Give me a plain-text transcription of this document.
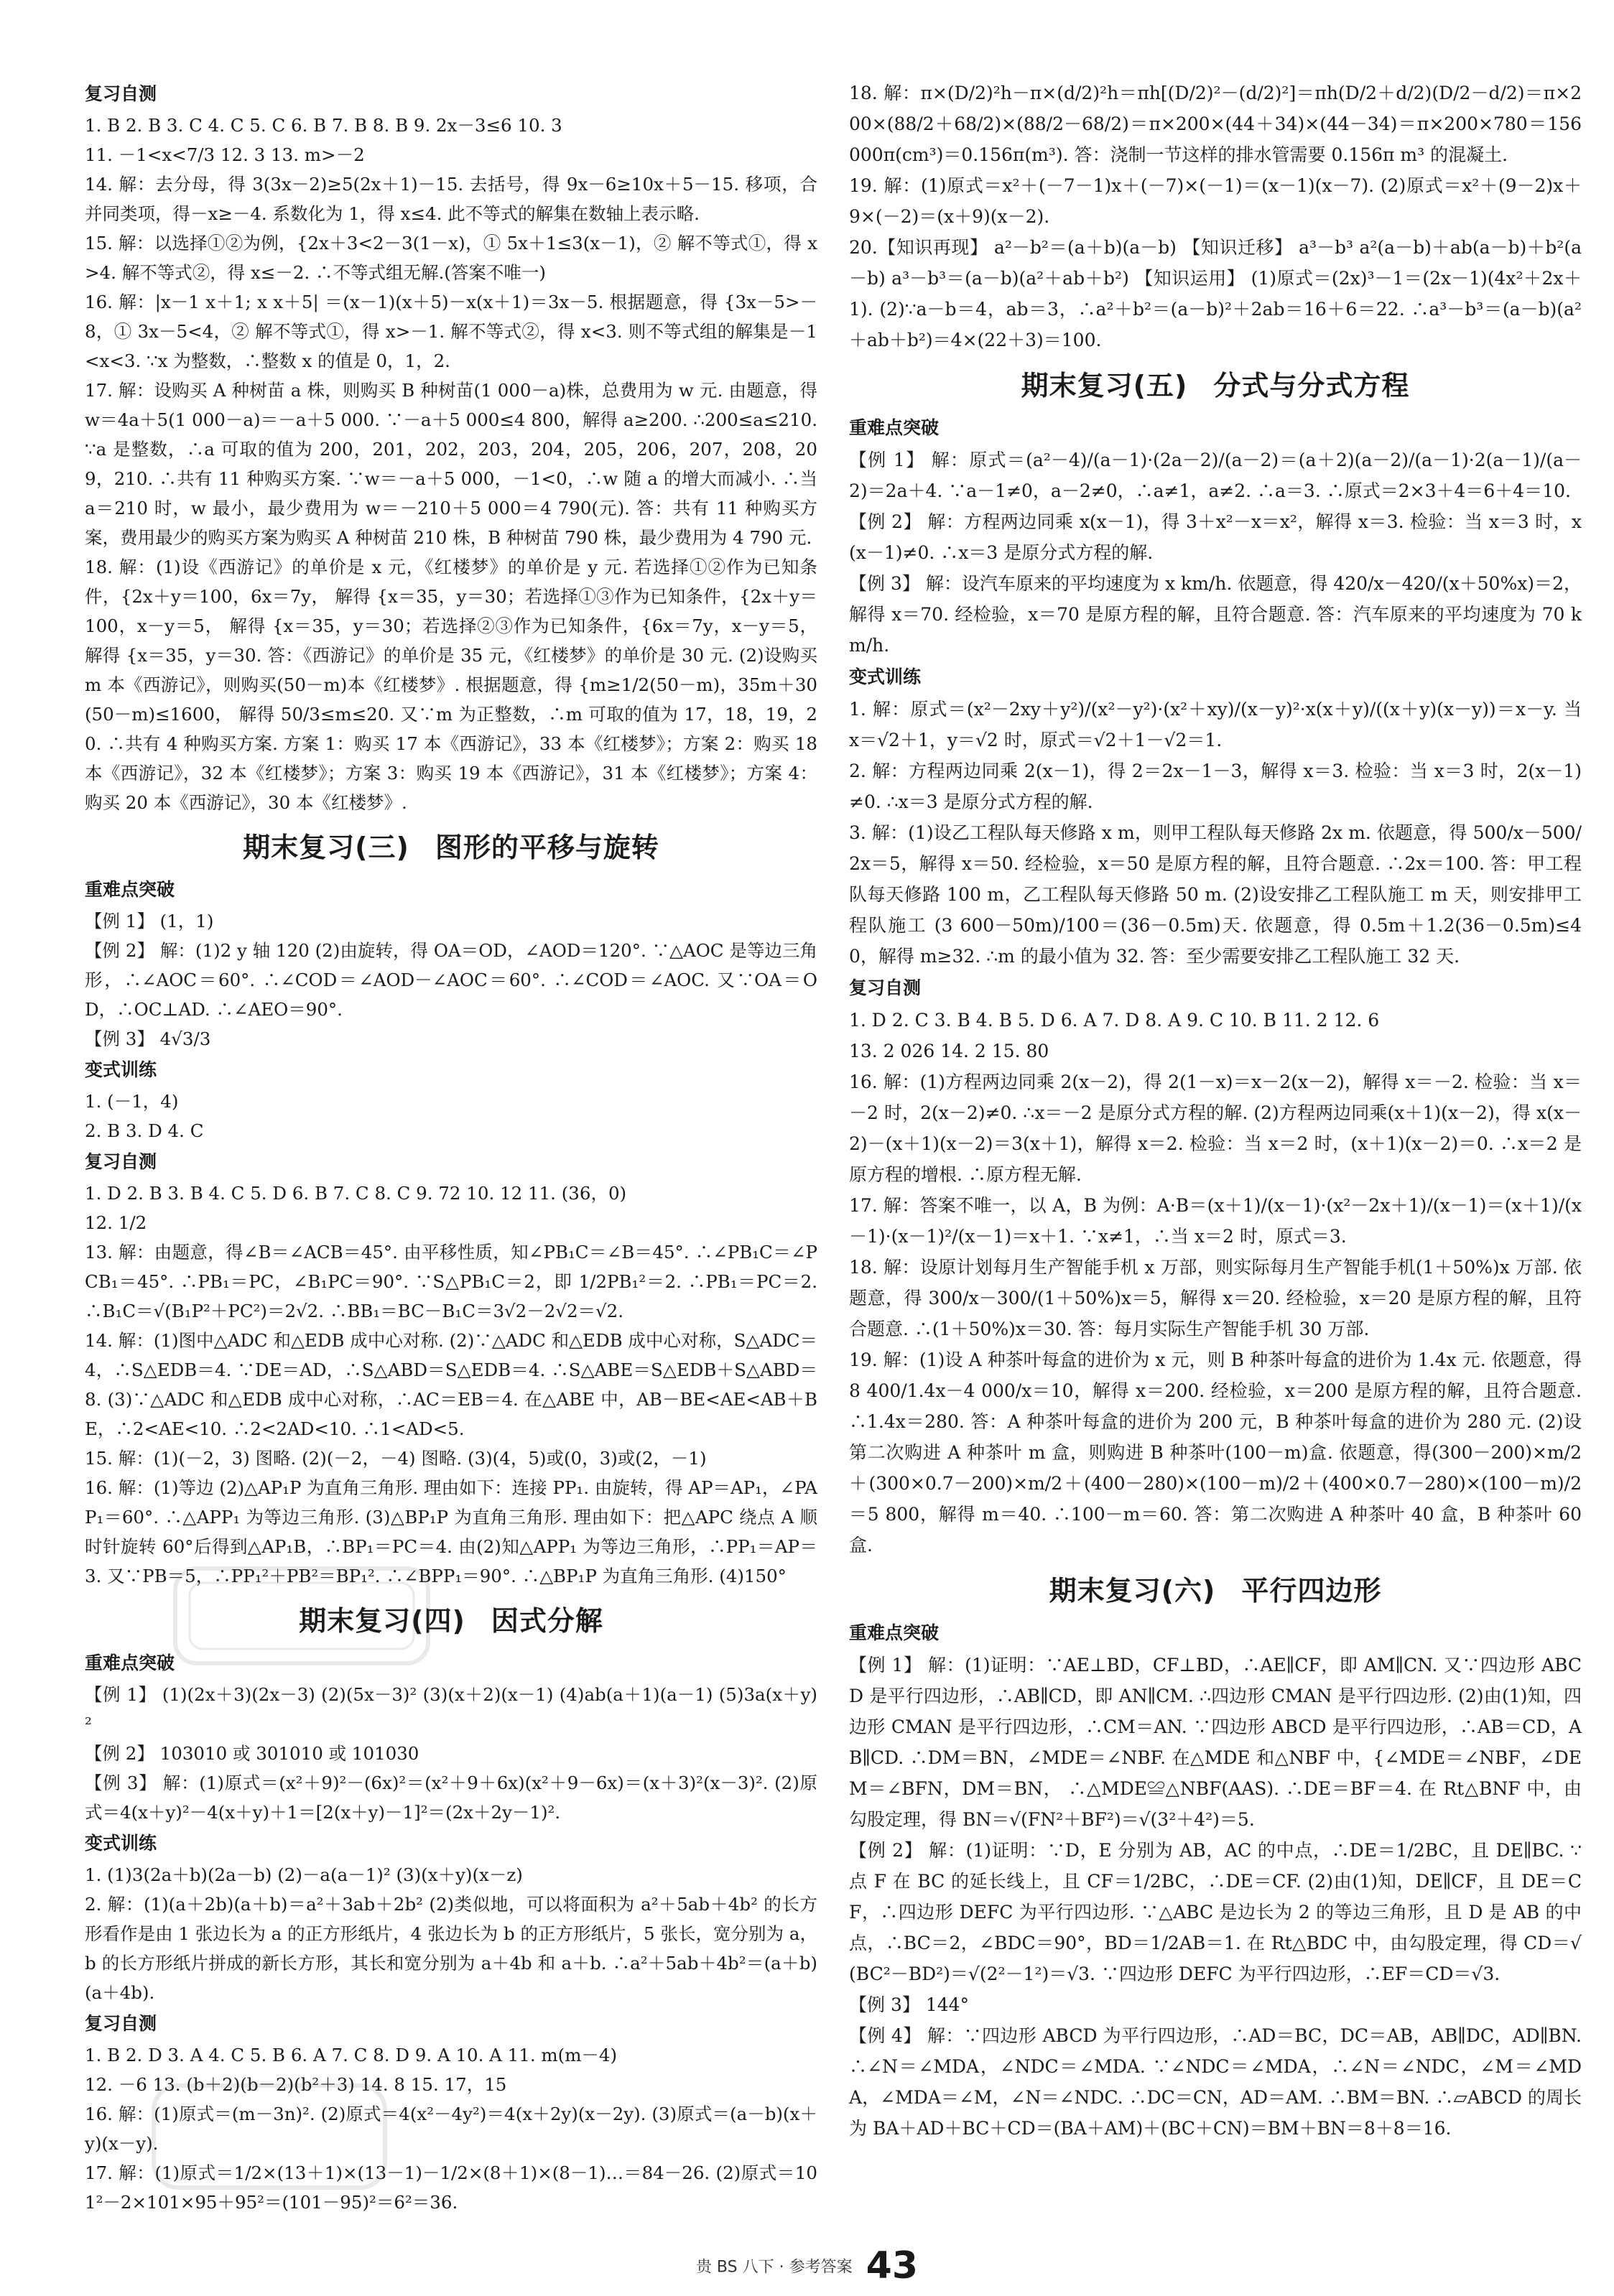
复习自测

1. B 2. B 3. C 4. C 5. C 6. B 7. B 8. B 9. 2x－3≤6 10. 3

11. －1<x<7/3 12. 3 13. m>－2

14. 解：去分母，得 3(3x－2)≥5(2x＋1)－15. 去括号，得 9x－6≥10x＋5－15. 移项，合并同类项，得－x≥－4. 系数化为 1，得 x≤4. 此不等式的解集在数轴上表示略.

15. 解：以选择①②为例，{2x＋3<2－3(1－x)，① 5x＋1≤3(x－1)，② 解不等式①，得 x>4. 解不等式②，得 x≤－2. ∴不等式组无解.(答案不唯一)

16. 解：|x－1 x＋1; x x＋5| ＝(x－1)(x＋5)－x(x＋1)＝3x－5. 根据题意，得 {3x－5>－8，① 3x－5<4，② 解不等式①，得 x>－1. 解不等式②，得 x<3. 则不等式组的解集是－1<x<3. ∵x 为整数，∴整数 x 的值是 0，1，2.

17. 解：设购买 A 种树苗 a 株，则购买 B 种树苗(1 000－a)株，总费用为 w 元. 由题意，得 w＝4a＋5(1 000－a)＝－a＋5 000. ∵－a＋5 000≤4 800，解得 a≥200. ∴200≤a≤210. ∵a 是整数，∴a 可取的值为 200，201，202，203，204，205，206，207，208，209，210. ∴共有 11 种购买方案. ∵w＝－a＋5 000，－1<0，∴w 随 a 的增大而减小. ∴当 a＝210 时，w 最小，最少费用为 w＝－210＋5 000＝4 790(元). 答：共有 11 种购买方案，费用最少的购买方案为购买 A 种树苗 210 株，B 种树苗 790 株，最少费用为 4 790 元.

18. 解：(1)设《西游记》的单价是 x 元，《红楼梦》的单价是 y 元. 若选择①②作为已知条件，{2x＋y＝100，6x＝7y， 解得 {x＝35，y＝30；若选择①③作为已知条件，{2x＋y＝100，x－y＝5， 解得 {x＝35，y＝30；若选择②③作为已知条件，{6x＝7y，x－y＝5， 解得 {x＝35，y＝30. 答：《西游记》的单价是 35 元，《红楼梦》的单价是 30 元. (2)设购买 m 本《西游记》，则购买(50－m)本《红楼梦》. 根据题意，得 {m≥1/2(50－m)，35m＋30(50－m)≤1600， 解得 50/3≤m≤20. 又∵m 为正整数，∴m 可取的值为 17，18，19，20. ∴共有 4 种购买方案. 方案 1：购买 17 本《西游记》，33 本《红楼梦》；方案 2：购买 18 本《西游记》，32 本《红楼梦》；方案 3：购买 19 本《西游记》，31 本《红楼梦》；方案 4：购买 20 本《西游记》，30 本《红楼梦》.

期末复习(三) 图形的平移与旋转
重难点突破

【例 1】 (1，1)

【例 2】 解：(1)2 y 轴 120 (2)由旋转，得 OA＝OD，∠AOD＝120°. ∵△AOC 是等边三角形，∴∠AOC＝60°. ∴∠COD＝∠AOD－∠AOC＝60°. ∴∠COD＝∠AOC. 又∵OA＝OD，∴OC⊥AD. ∴∠AEO＝90°.

【例 3】 4√3/3

变式训练

1. (－1，4)

2. B 3. D 4. C

复习自测

1. D 2. B 3. B 4. C 5. D 6. B 7. C 8. C 9. 72 10. 12 11. (36，0)

12. 1/2

13. 解：由题意，得∠B＝∠ACB＝45°. 由平移性质，知∠PB₁C＝∠B＝45°. ∴∠PB₁C＝∠PCB₁＝45°. ∴PB₁＝PC，∠B₁PC＝90°. ∵S△PB₁C＝2，即 1/2PB₁²＝2. ∴PB₁＝PC＝2. ∴B₁C＝√(B₁P²＋PC²)＝2√2. ∴BB₁＝BC－B₁C＝3√2－2√2＝√2.

14. 解：(1)图中△ADC 和△EDB 成中心对称. (2)∵△ADC 和△EDB 成中心对称，S△ADC＝4，∴S△EDB＝4. ∵DE＝AD，∴S△ABD＝S△EDB＝4. ∴S△ABE＝S△EDB＋S△ABD＝8. (3)∵△ADC 和△EDB 成中心对称，∴AC＝EB＝4. 在△ABE 中，AB－BE<AE<AB＋BE，∴2<AE<10. ∴2<2AD<10. ∴1<AD<5.

15. 解：(1)(－2，3) 图略. (2)(－2，－4) 图略. (3)(4，5)或(0，3)或(2，－1)

16. 解：(1)等边 (2)△AP₁P 为直角三角形. 理由如下：连接 PP₁. 由旋转，得 AP＝AP₁，∠PAP₁＝60°. ∴△APP₁ 为等边三角形. (3)△BP₁P 为直角三角形. 理由如下：把△APC 绕点 A 顺时针旋转 60°后得到△AP₁B，∴BP₁＝PC＝4. 由(2)知△APP₁ 为等边三角形，∴PP₁＝AP＝3. 又∵PB＝5，∴PP₁²＋PB²＝BP₁². ∴∠BPP₁＝90°. ∴△BP₁P 为直角三角形. (4)150°

期末复习(四) 因式分解
重难点突破

【例 1】 (1)(2x＋3)(2x－3) (2)(5x－3)² (3)(x＋2)(x－1) (4)ab(a＋1)(a－1) (5)3a(x＋y)²

【例 2】 103010 或 301010 或 101030

【例 3】 解：(1)原式＝(x²＋9)²－(6x)²＝(x²＋9＋6x)(x²＋9－6x)＝(x＋3)²(x－3)². (2)原式＝4(x＋y)²－4(x＋y)＋1＝[2(x＋y)－1]²＝(2x＋2y－1)².

变式训练

1. (1)3(2a＋b)(2a－b) (2)－a(a－1)² (3)(x＋y)(x－z)

2. 解：(1)(a＋2b)(a＋b)＝a²＋3ab＋2b² (2)类似地，可以将面积为 a²＋5ab＋4b² 的长方形看作是由 1 张边长为 a 的正方形纸片，4 张边长为 b 的正方形纸片，5 张长，宽分别为 a，b 的长方形纸片拼成的新长方形，其长和宽分别为 a＋4b 和 a＋b. ∴a²＋5ab＋4b²＝(a＋b)(a＋4b).

复习自测

1. B 2. D 3. A 4. C 5. B 6. A 7. C 8. D 9. A 10. A 11. m(m－4)

12. －6 13. (b＋2)(b－2)(b²＋3) 14. 8 15. 17，15

16. 解：(1)原式＝(m－3n)². (2)原式＝4(x²－4y²)＝4(x＋2y)(x－2y). (3)原式＝(a－b)(x＋y)(x－y).

17. 解：(1)原式＝1/2×(13＋1)×(13－1)－1/2×(8＋1)×(8－1)…＝84－26. (2)原式＝101²－2×101×95＋95²＝(101－95)²＝6²＝36.

18. 解：π×(D/2)²h－π×(d/2)²h＝πh[(D/2)²－(d/2)²]＝πh(D/2＋d/2)(D/2－d/2)＝π×200×(88/2＋68/2)×(88/2－68/2)＝π×200×(44＋34)×(44－34)＝π×200×780＝156 000π(cm³)＝0.156π(m³). 答：浇制一节这样的排水管需要 0.156π m³ 的混凝土.

19. 解：(1)原式＝x²＋(－7－1)x＋(－7)×(－1)＝(x－1)(x－7). (2)原式＝x²＋(9－2)x＋9×(－2)＝(x＋9)(x－2).

20.【知识再现】 a²－b²＝(a＋b)(a－b) 【知识迁移】 a³－b³ a²(a－b)＋ab(a－b)＋b²(a－b) a³－b³＝(a－b)(a²＋ab＋b²) 【知识运用】 (1)原式＝(2x)³－1＝(2x－1)(4x²＋2x＋1). (2)∵a－b＝4，ab＝3，∴a²＋b²＝(a－b)²＋2ab＝16＋6＝22. ∴a³－b³＝(a－b)(a²＋ab＋b²)＝4×(22＋3)＝100.

期末复习(五) 分式与分式方程
重难点突破

【例 1】 解：原式＝(a²－4)/(a－1)·(2a－2)/(a－2)＝(a＋2)(a－2)/(a－1)·2(a－1)/(a－2)＝2a＋4. ∵a－1≠0，a－2≠0，∴a≠1，a≠2. ∴a＝3. ∴原式＝2×3＋4＝6＋4＝10.

【例 2】 解：方程两边同乘 x(x－1)，得 3＋x²－x＝x²，解得 x＝3. 检验：当 x＝3 时，x(x－1)≠0. ∴x＝3 是原分式方程的解.

【例 3】 解：设汽车原来的平均速度为 x km/h. 依题意，得 420/x－420/(x＋50%x)＝2，解得 x＝70. 经检验，x＝70 是原方程的解，且符合题意. 答：汽车原来的平均速度为 70 km/h.

变式训练

1. 解：原式＝(x²－2xy＋y²)/(x²－y²)·(x²＋xy)/(x－y)²·x(x＋y)/((x＋y)(x－y))＝x－y. 当 x＝√2＋1，y＝√2 时，原式＝√2＋1－√2＝1.

2. 解：方程两边同乘 2(x－1)，得 2＝2x－1－3，解得 x＝3. 检验：当 x＝3 时，2(x－1)≠0. ∴x＝3 是原分式方程的解.

3. 解：(1)设乙工程队每天修路 x m，则甲工程队每天修路 2x m. 依题意，得 500/x－500/2x＝5，解得 x＝50. 经检验，x＝50 是原方程的解，且符合题意. ∴2x＝100. 答：甲工程队每天修路 100 m，乙工程队每天修路 50 m. (2)设安排乙工程队施工 m 天，则安排甲工程队施工 (3 600－50m)/100＝(36－0.5m)天. 依题意，得 0.5m＋1.2(36－0.5m)≤40，解得 m≥32. ∴m 的最小值为 32. 答：至少需要安排乙工程队施工 32 天.

复习自测

1. D 2. C 3. B 4. B 5. D 6. A 7. D 8. A 9. C 10. B 11. 2 12. 6

13. 2 026 14. 2 15. 80

16. 解：(1)方程两边同乘 2(x－2)，得 2(1－x)＝x－2(x－2)，解得 x＝－2. 检验：当 x＝－2 时，2(x－2)≠0. ∴x＝－2 是原分式方程的解. (2)方程两边同乘(x＋1)(x－2)，得 x(x－2)－(x＋1)(x－2)＝3(x＋1)，解得 x＝2. 检验：当 x＝2 时，(x＋1)(x－2)＝0. ∴x＝2 是原方程的增根. ∴原方程无解.

17. 解：答案不唯一，以 A，B 为例：A·B＝(x＋1)/(x－1)·(x²－2x＋1)/(x－1)＝(x＋1)/(x－1)·(x－1)²/(x－1)＝x＋1. ∵x≠1，∴当 x＝2 时，原式＝3.

18. 解：设原计划每月生产智能手机 x 万部，则实际每月生产智能手机(1＋50%)x 万部. 依题意，得 300/x－300/(1＋50%)x＝5，解得 x＝20. 经检验，x＝20 是原方程的解，且符合题意. ∴(1＋50%)x＝30. 答：每月实际生产智能手机 30 万部.

19. 解：(1)设 A 种茶叶每盒的进价为 x 元，则 B 种茶叶每盒的进价为 1.4x 元. 依题意，得 8 400/1.4x－4 000/x＝10，解得 x＝200. 经检验，x＝200 是原方程的解，且符合题意. ∴1.4x＝280. 答：A 种茶叶每盒的进价为 200 元，B 种茶叶每盒的进价为 280 元. (2)设第二次购进 A 种茶叶 m 盒，则购进 B 种茶叶(100－m)盒. 依题意，得(300－200)×m/2＋(300×0.7－200)×m/2＋(400－280)×(100－m)/2＋(400×0.7－280)×(100－m)/2＝5 800，解得 m＝40. ∴100－m＝60. 答：第二次购进 A 种茶叶 40 盒，B 种茶叶 60 盒.

期末复习(六) 平行四边形
重难点突破

【例 1】 解：(1)证明：∵AE⊥BD，CF⊥BD，∴AE∥CF，即 AM∥CN. 又∵四边形 ABCD 是平行四边形，∴AB∥CD，即 AN∥CM. ∴四边形 CMAN 是平行四边形. (2)由(1)知，四边形 CMAN 是平行四边形，∴CM＝AN. ∵四边形 ABCD 是平行四边形，∴AB＝CD，AB∥CD. ∴DM＝BN，∠MDE＝∠NBF. 在△MDE 和△NBF 中，{∠MDE＝∠NBF，∠DEM＝∠BFN，DM＝BN， ∴△MDE≌△NBF(AAS). ∴DE＝BF＝4. 在 Rt△BNF 中，由勾股定理，得 BN＝√(FN²＋BF²)＝√(3²＋4²)＝5.

【例 2】 解：(1)证明：∵D，E 分别为 AB，AC 的中点，∴DE＝1/2BC，且 DE∥BC. ∵点 F 在 BC 的延长线上，且 CF＝1/2BC，∴DE＝CF. (2)由(1)知，DE∥CF，且 DE＝CF，∴四边形 DEFC 为平行四边形. ∵△ABC 是边长为 2 的等边三角形，且 D 是 AB 的中点，∴BC＝2，∠BDC＝90°，BD＝1/2AB＝1. 在 Rt△BDC 中，由勾股定理，得 CD＝√(BC²－BD²)＝√(2²－1²)＝√3. ∵四边形 DEFC 为平行四边形，∴EF＝CD＝√3.

【例 3】 144°

【例 4】 解：∵四边形 ABCD 为平行四边形，∴AD＝BC，DC＝AB，AB∥DC，AD∥BN. ∴∠N＝∠MDA，∠NDC＝∠MDA. ∵∠NDC＝∠MDA，∴∠N＝∠NDC，∠M＝∠MDA，∠MDA＝∠M，∠N＝∠NDC. ∴DC＝CN，AD＝AM. ∴BM＝BN. ∴▱ABCD 的周长为 BA＋AD＋BC＋CD＝(BA＋AM)＋(BC＋CN)＝BM＋BN＝8＋8＝16.

贵 BS 八下 · 参考答案 43
